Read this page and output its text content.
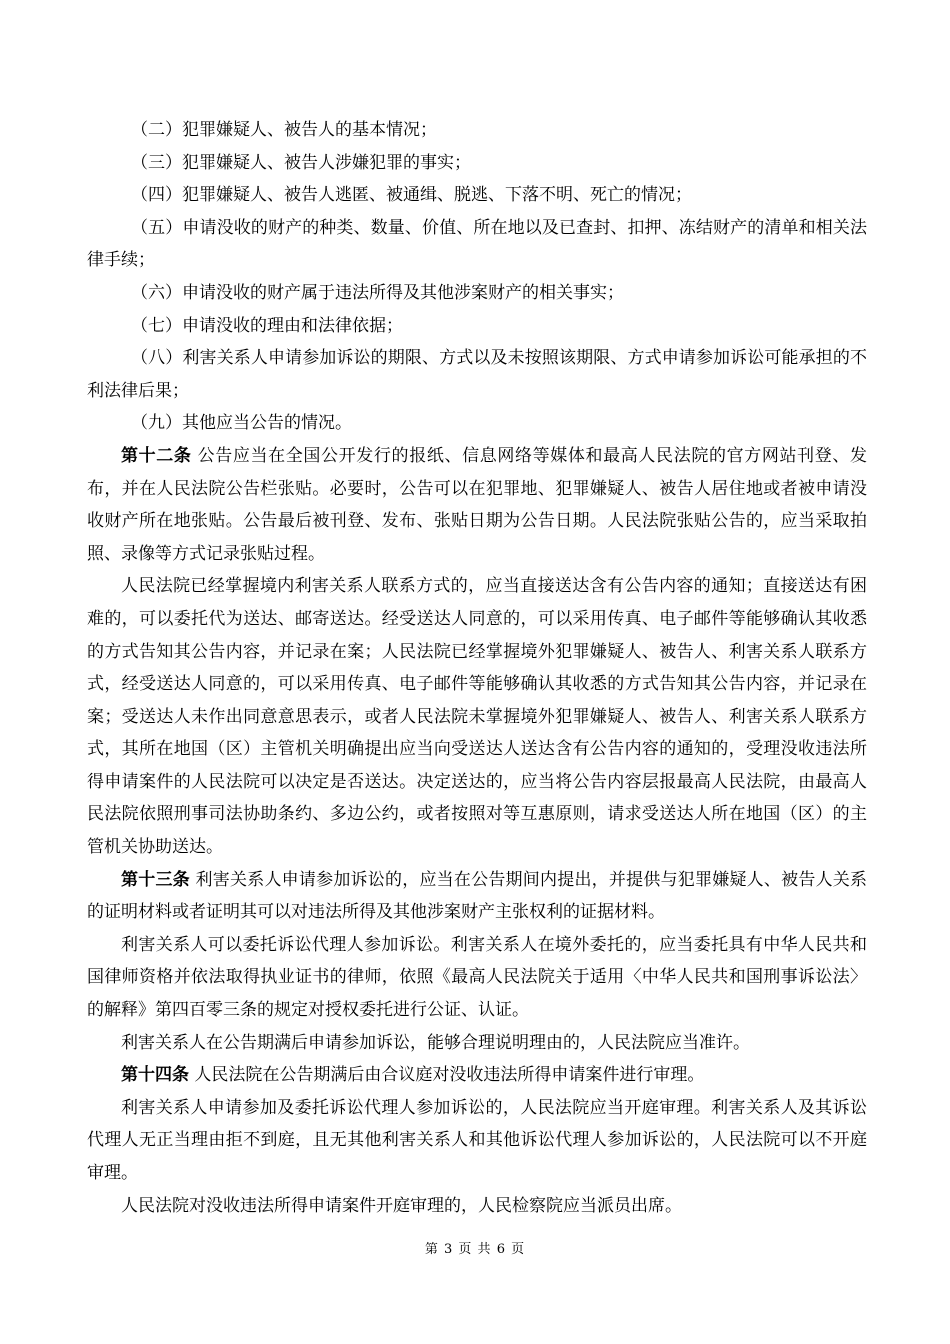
（二）犯罪嫌疑人、被告人的基本情况；

（三）犯罪嫌疑人、被告人涉嫌犯罪的事实；

（四）犯罪嫌疑人、被告人逃匿、被通缉、脱逃、下落不明、死亡的情况；

（五）申请没收的财产的种类、数量、价值、所在地以及已查封、扣押、冻结财产的清单和相关法律手续；

（六）申请没收的财产属于违法所得及其他涉案财产的相关事实；

（七）申请没收的理由和法律依据；

（八）利害关系人申请参加诉讼的期限、方式以及未按照该期限、方式申请参加诉讼可能承担的不利法律后果；

（九）其他应当公告的情况。

第十二条 公告应当在全国公开发行的报纸、信息网络等媒体和最高人民法院的官方网站刊登、发布，并在人民法院公告栏张贴。必要时，公告可以在犯罪地、犯罪嫌疑人、被告人居住地或者被申请没收财产所在地张贴。公告最后被刊登、发布、张贴日期为公告日期。人民法院张贴公告的，应当采取拍照、录像等方式记录张贴过程。

人民法院已经掌握境内利害关系人联系方式的，应当直接送达含有公告内容的通知；直接送达有困难的，可以委托代为送达、邮寄送达。经受送达人同意的，可以采用传真、电子邮件等能够确认其收悉的方式告知其公告内容，并记录在案；人民法院已经掌握境外犯罪嫌疑人、被告人、利害关系人联系方式，经受送达人同意的，可以采用传真、电子邮件等能够确认其收悉的方式告知其公告内容，并记录在案；受送达人未作出同意意思表示，或者人民法院未掌握境外犯罪嫌疑人、被告人、利害关系人联系方式，其所在地国（区）主管机关明确提出应当向受送达人送达含有公告内容的通知的，受理没收违法所得申请案件的人民法院可以决定是否送达。决定送达的，应当将公告内容层报最高人民法院，由最高人民法院依照刑事司法协助条约、多边公约，或者按照对等互惠原则，请求受送达人所在地国（区）的主管机关协助送达。

第十三条 利害关系人申请参加诉讼的，应当在公告期间内提出，并提供与犯罪嫌疑人、被告人关系的证明材料或者证明其可以对违法所得及其他涉案财产主张权利的证据材料。

利害关系人可以委托诉讼代理人参加诉讼。利害关系人在境外委托的，应当委托具有中华人民共和国律师资格并依法取得执业证书的律师，依照《最高人民法院关于适用〈中华人民共和国刑事诉讼法〉的解释》第四百零三条的规定对授权委托进行公证、认证。

利害关系人在公告期满后申请参加诉讼，能够合理说明理由的，人民法院应当准许。

第十四条 人民法院在公告期满后由合议庭对没收违法所得申请案件进行审理。

利害关系人申请参加及委托诉讼代理人参加诉讼的，人民法院应当开庭审理。利害关系人及其诉讼代理人无正当理由拒不到庭，且无其他利害关系人和其他诉讼代理人参加诉讼的，人民法院可以不开庭审理。

人民法院对没收违法所得申请案件开庭审理的，人民检察院应当派员出席。

第 3 页 共 6 页
